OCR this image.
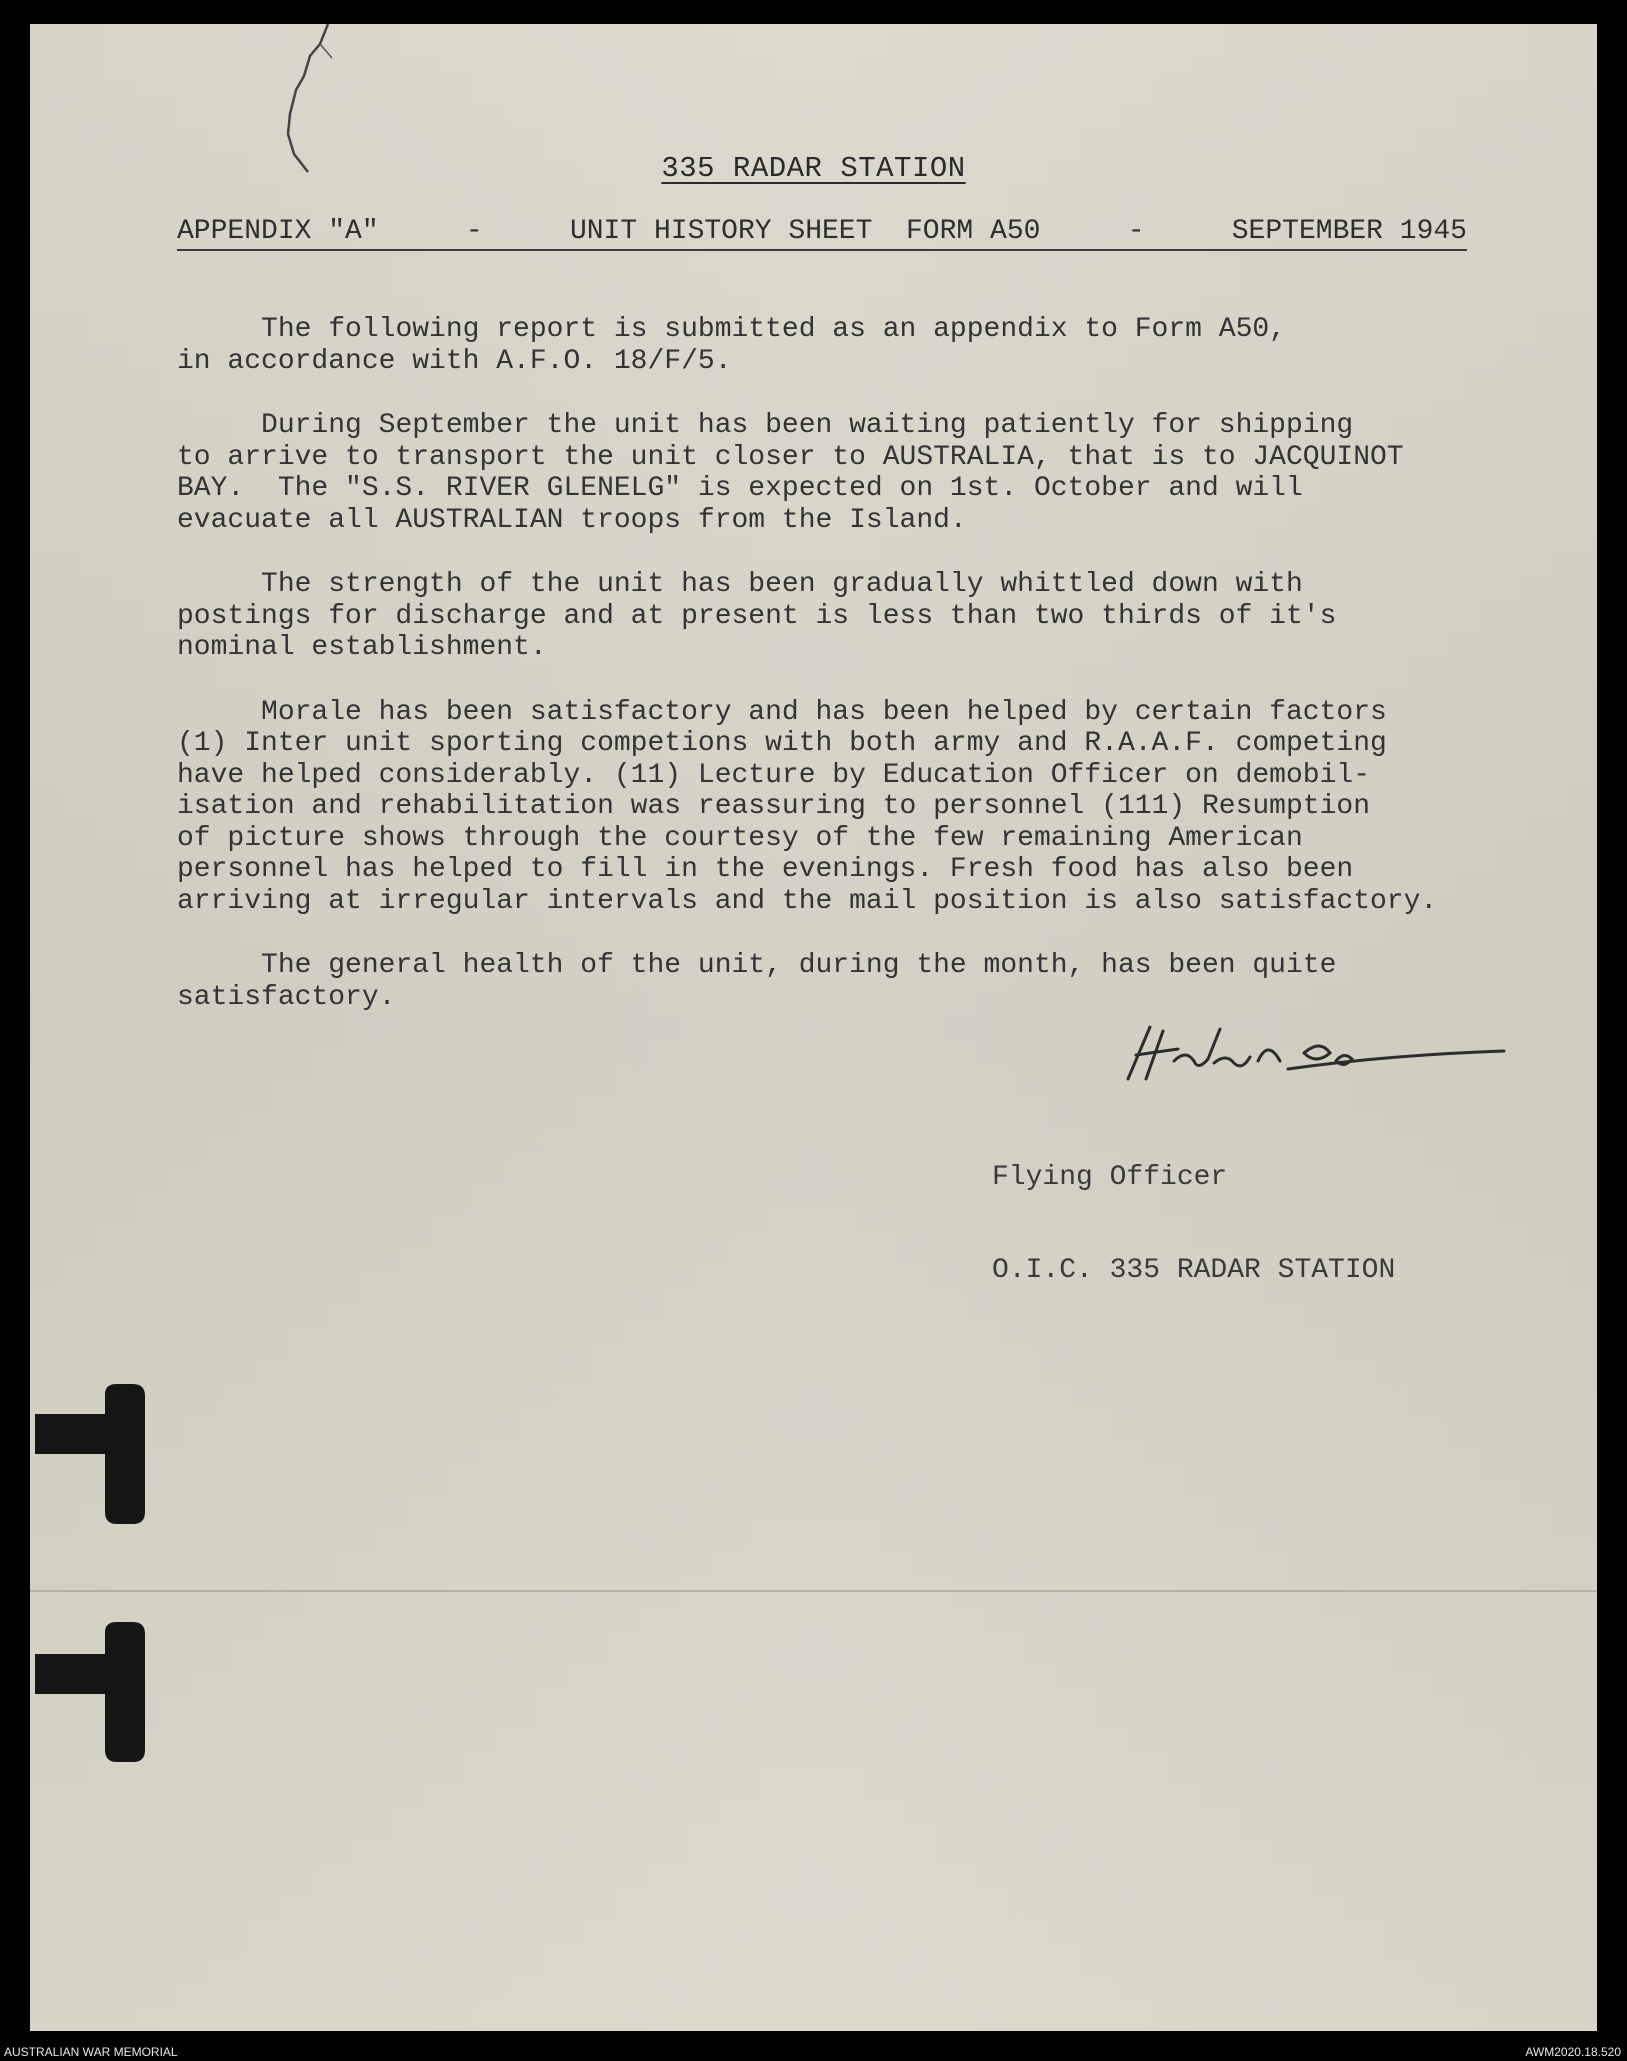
335 RADAR STATION
APPENDIX "A"	-	UNIT HISTORY SHEET  FORM A50	-	SEPTEMBER 1945

The following report is submitted as an appendix to Form A50,
in accordance with A.F.O. 18/F/5.

During September the unit has been waiting patiently for shipping
to arrive to transport the unit closer to AUSTRALIA, that is to JACQUINOT
BAY.  The "S.S. RIVER GLENELG" is expected on 1st. October and will
evacuate all AUSTRALIAN troops from the Island.

The strength of the unit has been gradually whittled down with
postings for discharge and at present is less than two thirds of it's
nominal establishment.

Morale has been satisfactory and has been helped by certain factors
(1) Inter unit sporting competions with both army and R.A.A.F. competing
have helped considerably. (11) Lecture by Education Officer on demobil-
isation and rehabilitation was reassuring to personnel (111) Resumption
of picture shows through the courtesy of the few remaining American
personnel has helped to fill in the evenings. Fresh food has also been
arriving at irregular intervals and the mail position is also satisfactory.

The general health of the unit, during the month, has been quite
satisfactory.

Flying Officer

O.I.C. 335 RADAR STATION

AUSTRALIAN WAR MEMORIAL	AWM2020.18.520
